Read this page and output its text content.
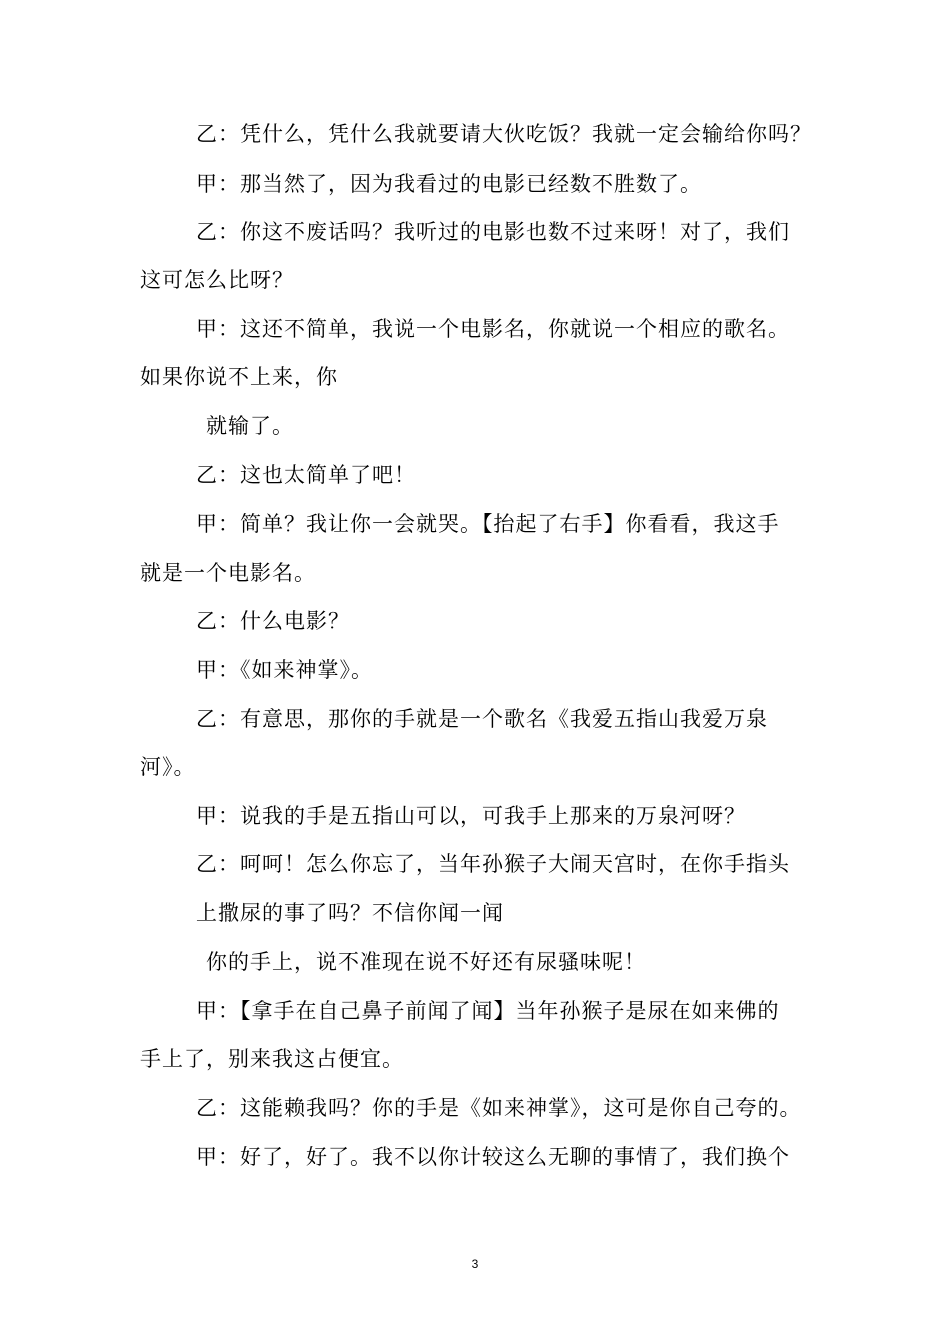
乙：凭什么，凭什么我就要请大伙吃饭？我就一定会输给你吗？
甲：那当然了，因为我看过的电影已经数不胜数了。
乙：你这不废话吗？我听过的电影也数不过来呀！对了，我们
这可怎么比呀？
甲：这还不简单，我说一个电影名，你就说一个相应的歌名。
如果你说不上来，你
就输了。
乙：这也太简单了吧！
甲：简单？我让你一会就哭。【抬起了右手】你看看，我这手
就是一个电影名。
乙：什么电影？
甲：《如来神掌》。
乙：有意思，那你的手就是一个歌名《我爱五指山我爱万泉
河》。
甲：说我的手是五指山可以，可我手上那来的万泉河呀？
乙：呵呵！怎么你忘了，当年孙猴子大闹天宫时，在你手指头
上撒尿的事了吗？不信你闻一闻
你的手上，说不准现在说不好还有尿骚味呢！
甲：【拿手在自己鼻子前闻了闻】当年孙猴子是尿在如来佛的
手上了，别来我这占便宜。
乙：这能赖我吗？你的手是《如来神掌》，这可是你自己夸的。
甲：好了，好了。我不以你计较这么无聊的事情了，我们换个
3
